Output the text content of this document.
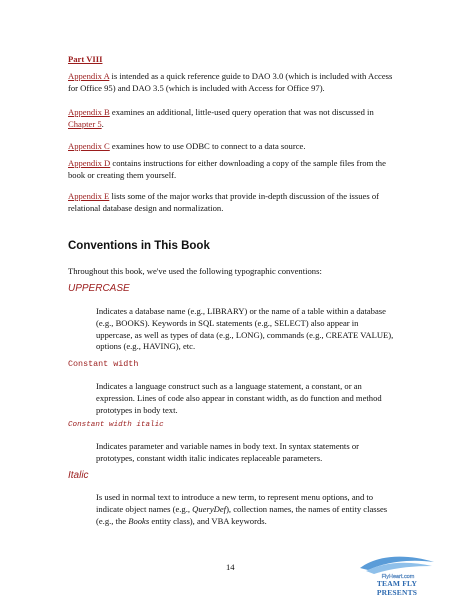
Part VIII
Appendix A is intended as a quick reference guide to DAO 3.0 (which is included with Access for Office 95) and DAO 3.5 (which is included with Access for Office 97).
Appendix B examines an additional, little-used query operation that was not discussed in Chapter 5.
Appendix C examines how to use ODBC to connect to a data source.
Appendix D contains instructions for either downloading a copy of the sample files from the book or creating them yourself.
Appendix E lists some of the major works that provide in-depth discussion of the issues of relational database design and normalization.
Conventions in This Book
Throughout this book, we've used the following typographic conventions:
UPPERCASE
Indicates a database name (e.g., LIBRARY) or the name of a table within a database (e.g., BOOKS). Keywords in SQL statements (e.g., SELECT) also appear in uppercase, as well as types of data (e.g., LONG), commands (e.g., CREATE VALUE), options (e.g., HAVING), etc.
Constant width
Indicates a language construct such as a language statement, a constant, or an expression. Lines of code also appear in constant width, as do function and method prototypes in body text.
Constant width italic
Indicates parameter and variable names in body text. In syntax statements or prototypes, constant width italic indicates replaceable parameters.
Italic
Is used in normal text to introduce a new term, to represent menu options, and to indicate object names (e.g., QueryDef), collection names, the names of entity classes (e.g., the Books entity class), and VBA keywords.
14
FlyHeart.com
TEAM FLY PRESENTS
